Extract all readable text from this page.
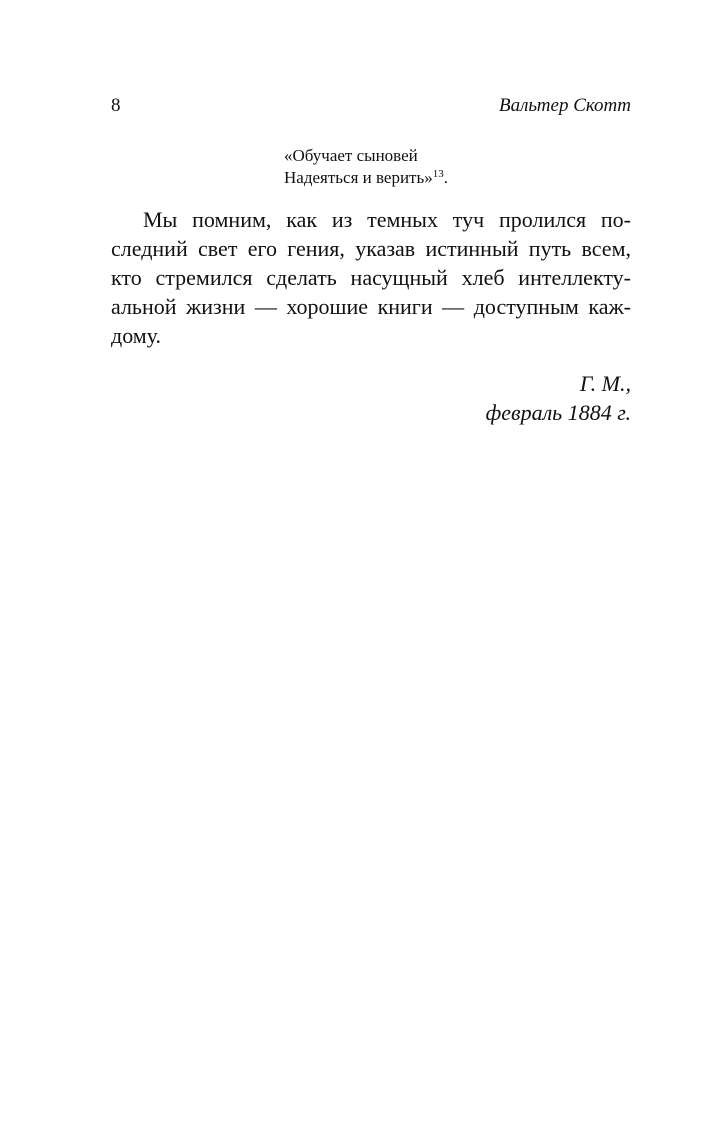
8	Вальтер Скотт
«Обучает сыновей
Надеяться и верить»$^{13}$.
Мы помним, как из темных туч пролился по-
следний свет его гения, указав истинный путь всем,
кто стремился сделать насущный хлеб интеллекту-
альной жизни — хорошие книги — доступным каж-
дому.
Г. М.,
февраль 1884 г.
